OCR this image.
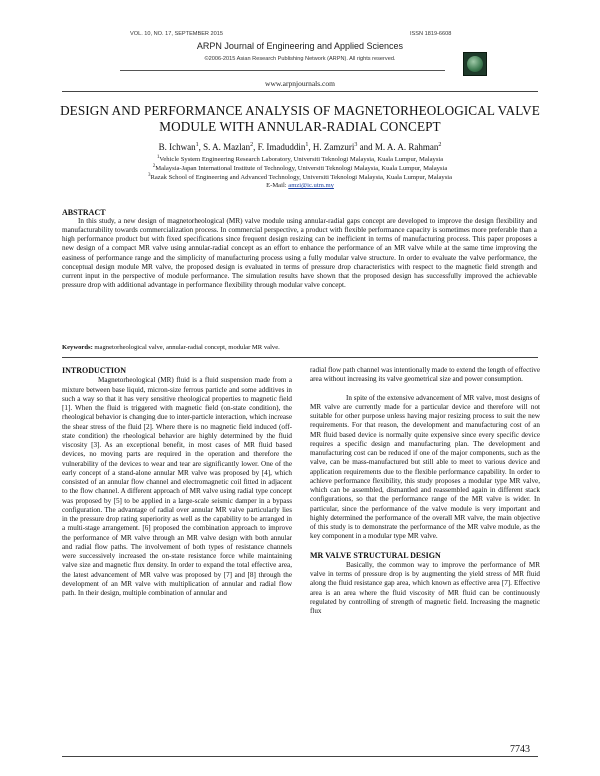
VOL. 10, NO. 17, SEPTEMBER 2015	ISSN 1819-6608
ARPN Journal of Engineering and Applied Sciences
©2006-2015 Asian Research Publishing Network (ARPN). All rights reserved.
www.arpnjournals.com
DESIGN AND PERFORMANCE ANALYSIS OF MAGNETORHEOLOGICAL VALVE MODULE WITH ANNULAR-RADIAL CONCEPT
B. Ichwan$^1$, S. A. Mazlan$^2$, F. Imaduddin$^1$, H. Zamzuri$^3$ and M. A. A. Rahman$^2$
$^1$Vehicle System Engineering Research Laboratory, Universiti Teknologi Malaysia, Kuala Lumpur, Malaysia
$^2$Malaysia-Japan International Institute of Technology, Universiti Teknologi Malaysia, Kuala Lumpur, Malaysia
$^3$Razak School of Engineering and Advanced Technology, Universiti Teknologi Malaysia, Kuala Lumpur, Malaysia
E-Mail: amzi@ic.utm.my
ABSTRACT
In this study, a new design of magnetorheological (MR) valve module using annular-radial gaps concept are developed to improve the design flexibility and manufacturability towards commercialization process. In commercial perspective, a product with flexible performance capacity is sometimes more preferable than a high performance product but with fixed specifications since frequent design resizing can be inefficient in terms of manufacturing process. This paper proposes a new design of a compact MR valve using annular-radial concept as an effort to enhance the performance of an MR valve while at the same time improving the easiness of performance range and the simplicity of manufacturing process using a fully modular valve structure. In order to evaluate the valve performance, the conceptual design module MR valve, the proposed design is evaluated in terms of pressure drop characteristics with respect to the magnetic field strength and current input in the perspective of module performance. The simulation results have shown that the proposed design has successfully improved the achievable pressure drop with additional advantage in performance flexibility through modular valve concept.
Keywords: magnetorheological valve, annular-radial concept, modular MR valve.
INTRODUCTION

Magnetorheological (MR) fluid is a fluid suspension made from a mixture between base liquid, micron-size ferrous particle and some additives in such a way so that it has very sensitive rheological properties to magnetic field [1]. When the fluid is triggered with magnetic field (on-state condition), the rheological behavior is changing due to inter-particle interaction, which increase the shear stress of the fluid [2]. Where there is no magnetic field induced (off-state condition) the rheological behavior are highly determined by the fluid viscosity [3]. As an exceptional benefit, in most cases of MR fluid based devices, no moving parts are required in the operation and therefore the vulnerability of the devices to wear and tear are significantly lower. One of the early concept of a stand-alone annular MR valve was proposed by [4], which consisted of an annular flow channel and electromagnetic coil fitted in adjacent to the flow channel. A different approach of MR valve using radial type concept was proposed by [5] to be applied in a large-scale seismic damper in a bypass configuration. The advantage of radial over annular MR valve particularly lies in the pressure drop rating superiority as well as the capability to be arranged in a multi-stage arrangement. [6] proposed the combination approach to improve the performance of MR valve through an MR valve design with both annular and radial flow paths. The involvement of both types of resistance channels were successively increased the on-state resistance force while maintaining valve size and magnetic flux density. In order to expand the total effective area, the latest advancement of MR valve was proposed by [7] and [8] through the development of an MR valve with multiplication of annular and radial flow path. In their design, multiple combination of annular and

radial flow path channel was intentionally made to extend the length of effective area without increasing its valve geometrical size and power consumption.

In spite of the extensive advancement of MR valve, most designs of MR valve are currently made for a particular device and therefore will not suitable for other purpose unless having major resizing process to suit the new requirements. For that reason, the development and manufacturing cost of an MR fluid based device is normally quite expensive since every specific device requires a specific design and manufacturing plan. The development and manufacturing cost can be reduced if one of the major components, such as the valve, can be mass-manufactured but still able to meet to various device and application requirements due to the flexible performance capability. In order to achieve performance flexibility, this study proposes a modular type MR valve, which can be assembled, dismantled and reassembled again in different stack configurations, so that the performance range of the MR valve is wider. In particular, since the performance of the valve module is very important and highly determined the performance of the overall MR valve, the main objective of this study is to demonstrate the performance of the MR valve module, as the key component in a modular type MR valve.

MR VALVE STRUCTURAL DESIGN

Basically, the common way to improve the performance of MR valve in terms of pressure drop is by augmenting the yield stress of MR fluid along the fluid resistance gap area, which known as effective area [7]. Effective area is an area where the fluid viscosity of MR fluid can be continuously regulated by controlling of strength of magnetic field. Increasing the magnetic flux

7743
